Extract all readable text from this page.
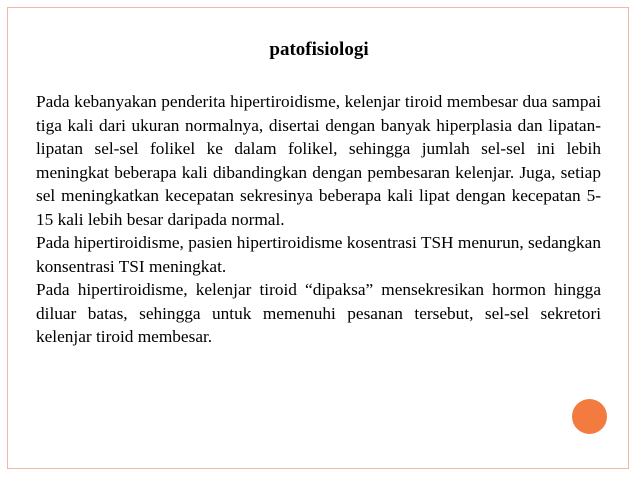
patofisiologi

Pada kebanyakan penderita hipertiroidisme, kelenjar tiroid membesar dua sampai tiga kali dari ukuran normalnya, disertai dengan banyak hiperplasia dan lipatan-lipatan sel-sel folikel ke dalam folikel, sehingga jumlah sel-sel ini lebih meningkat beberapa kali dibandingkan dengan pembesaran kelenjar. Juga, setiap sel meningkatkan kecepatan sekresinya beberapa kali lipat dengan kecepatan 5-15 kali lebih besar daripada normal.

Pada hipertiroidisme, pasien hipertiroidisme kosentrasi TSH menurun, sedangkan konsentrasi TSI meningkat.

Pada hipertiroidisme, kelenjar tiroid “dipaksa” mensekresikan hormon hingga diluar batas, sehingga untuk memenuhi pesanan tersebut, sel-sel sekretori kelenjar tiroid membesar.
